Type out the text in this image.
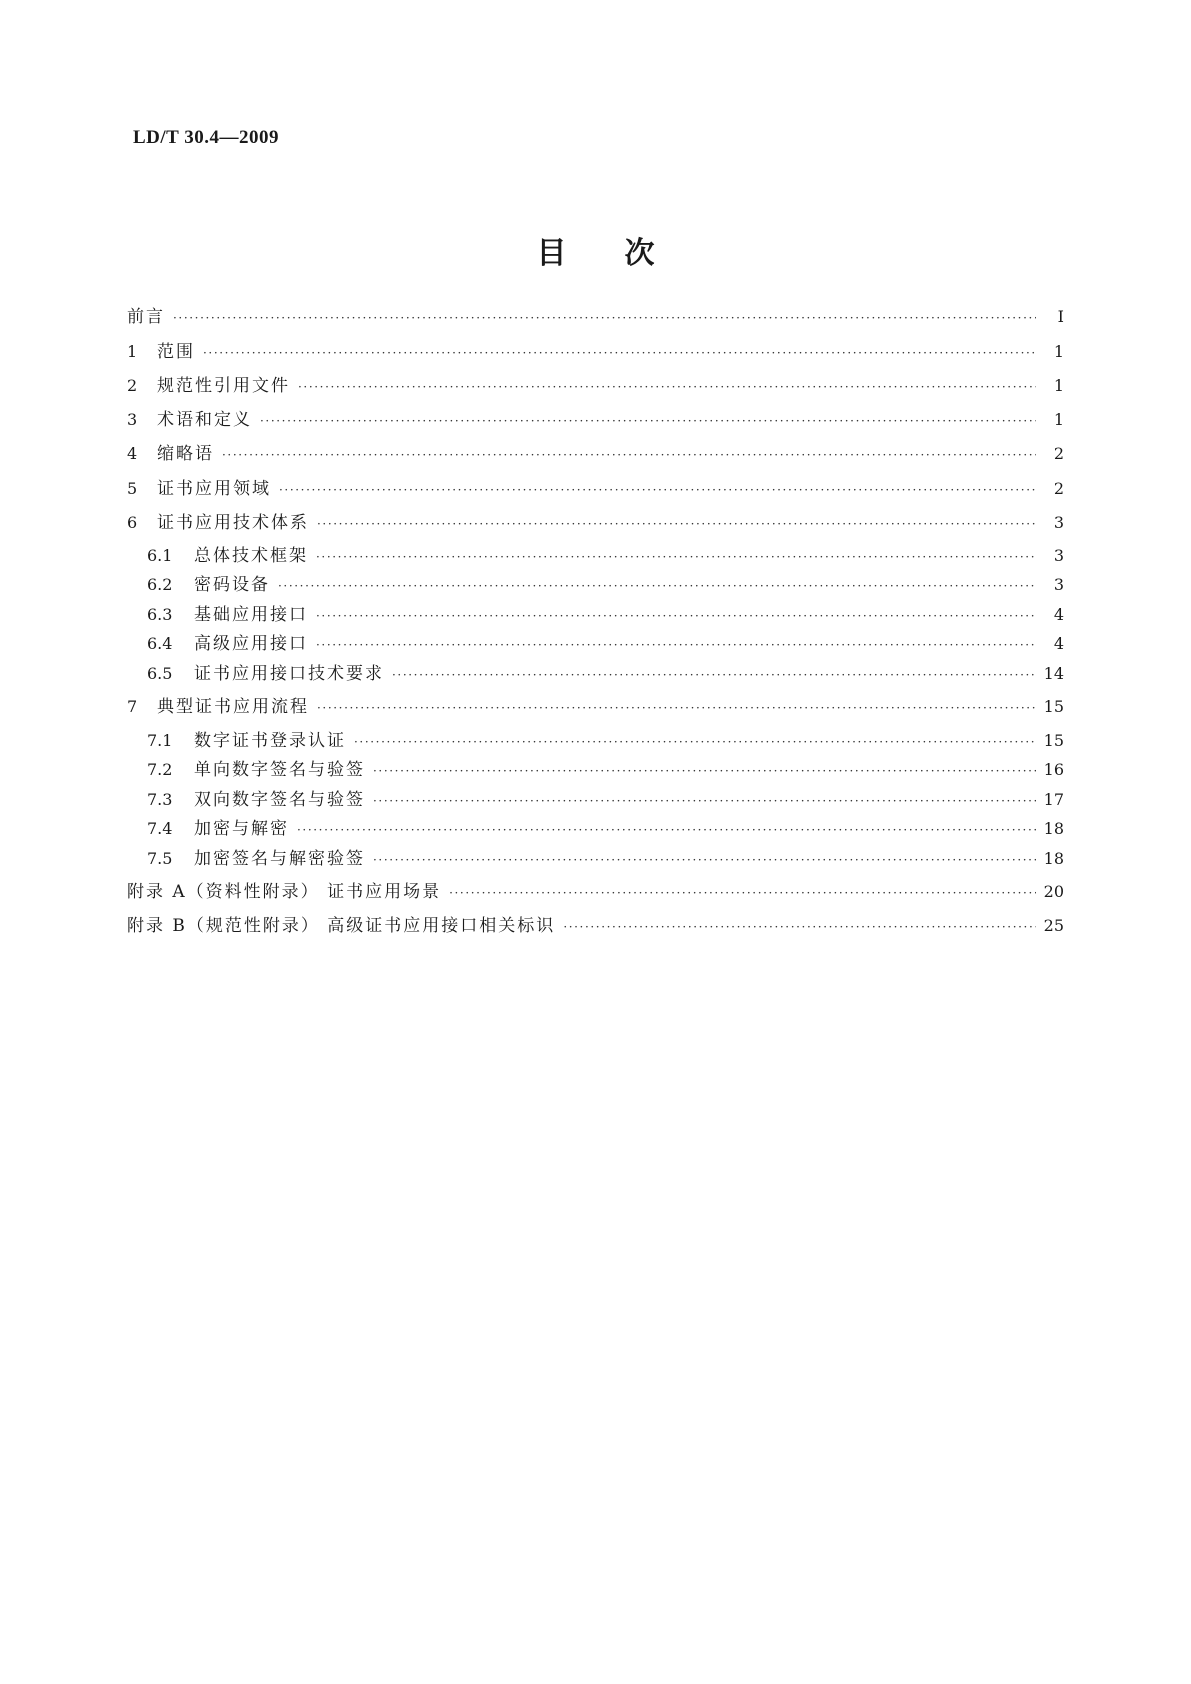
LD/T 30.4—2009
目次
前言 ·····	Ⅰ
1	范围 ·····	1
2	规范性引用文件 ·····	1
3	术语和定义 ·····	1
4	缩略语 ·····	2
5	证书应用领域 ·····	2
6	证书应用技术体系 ·····	3
6.1	总体技术框架 ·····	3
6.2	密码设备 ·····	3
6.3	基础应用接口 ·····	4
6.4	高级应用接口 ·····	4
6.5	证书应用接口技术要求 ·····	14
7	典型证书应用流程 ·····	15
7.1	数字证书登录认证 ·····	15
7.2	单向数字签名与验签 ·····	16
7.3	双向数字签名与验签 ·····	17
7.4	加密与解密 ·····	18
7.5	加密签名与解密验签 ·····	18
附录 A（资料性附录） 证书应用场景 ·····	20
附录 B（规范性附录） 高级证书应用接口相关标识 ·····	25
